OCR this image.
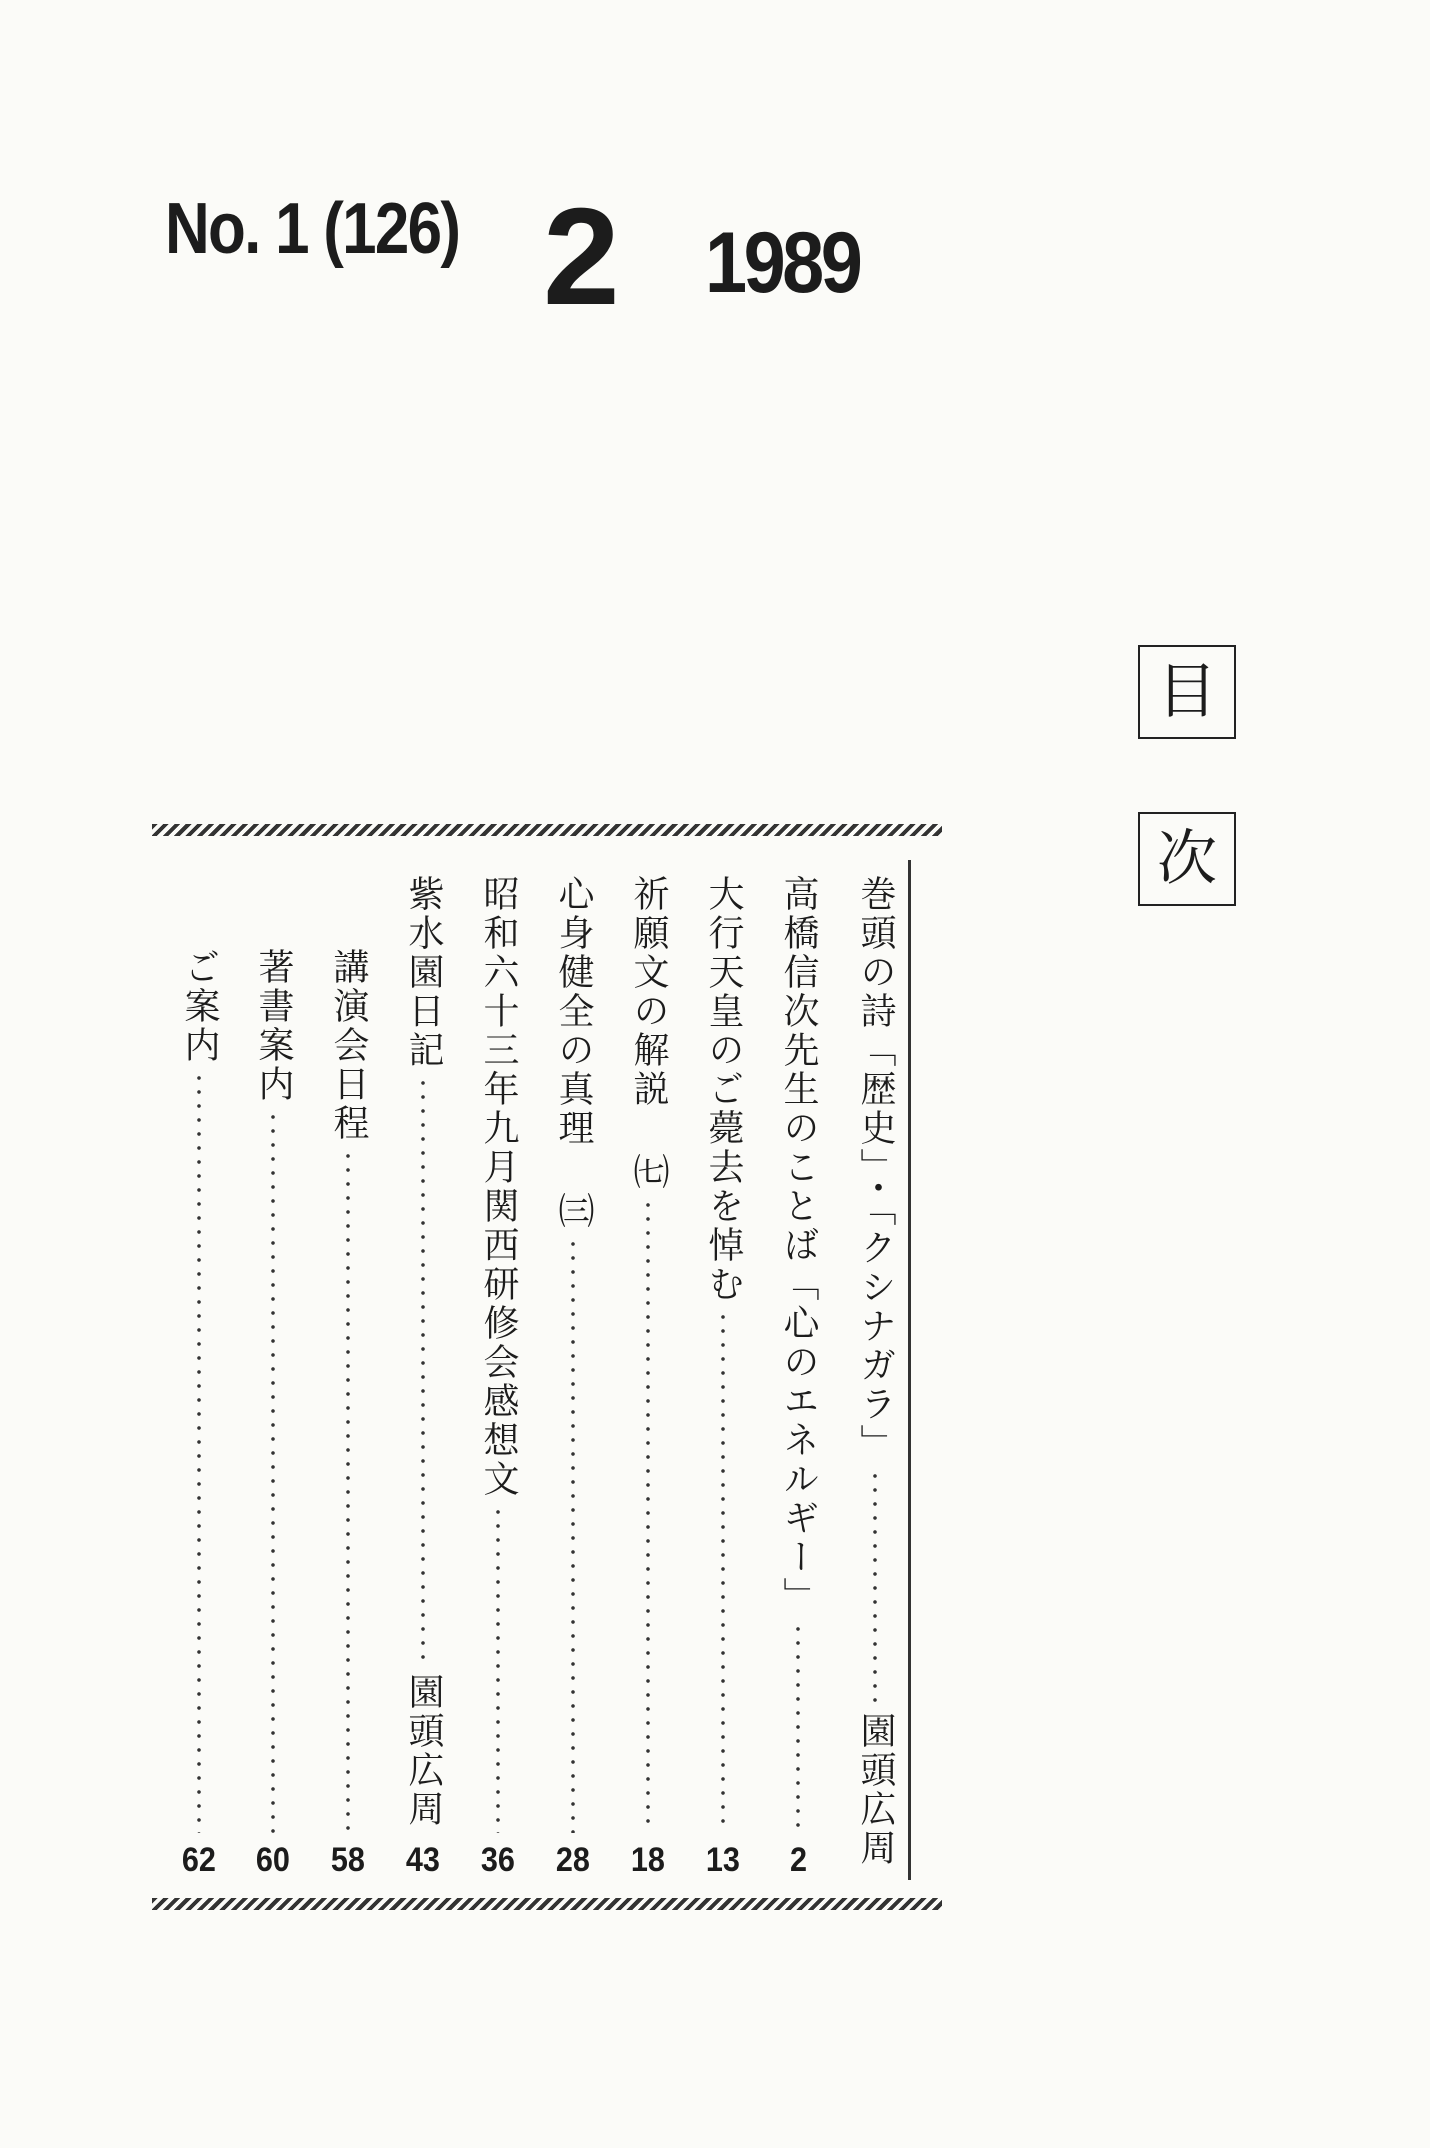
No. 1 (126) 2 1989
目
次
巻頭の詩「歴史」・「クシナガラ」
園頭広周
高橋信次先生のことば「心のエネルギー」
2
大行天皇のご薨去を悼む
13
祈願文の解説 ㈦
18
心身健全の真理 ㈢
28
昭和六十三年九月関西研修会感想文
36
紫水園日記
園頭広周
43
講演会日程
58
著書案内
60
ご案内
62
